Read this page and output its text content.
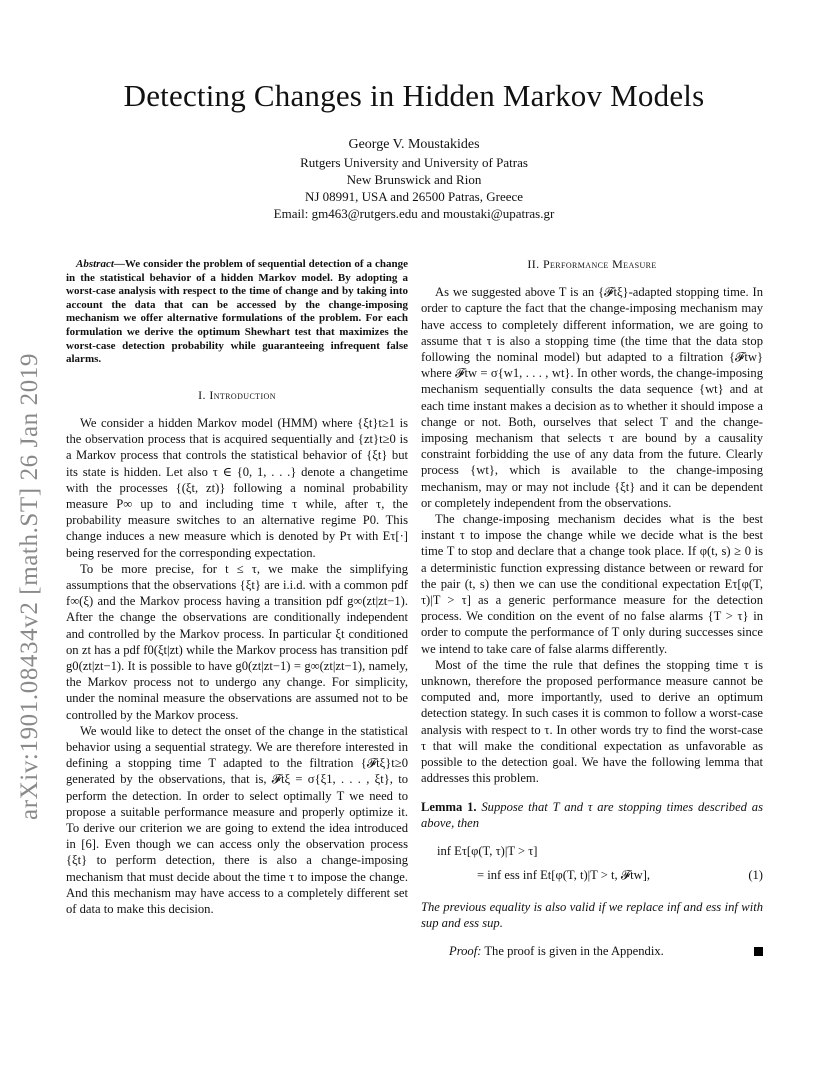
Detecting Changes in Hidden Markov Models
George V. Moustakides
Rutgers University and University of Patras
New Brunswick and Rion
NJ 08991, USA and 26500 Patras, Greece
Email: gm463@rutgers.edu and moustaki@upatras.gr
arXiv:1901.08434v2 [math.ST] 26 Jan 2019

Abstract—We consider the problem of sequential detection of a change in the statistical behavior of a hidden Markov model. By adopting a worst-case analysis with respect to the time of change and by taking into account the data that can be accessed by the change-imposing mechanism we offer alternative formulations of the problem. For each formulation we derive the optimum Shewhart test that maximizes the worst-case detection probability while guaranteeing infrequent false alarms.

I. Introduction

We consider a hidden Markov model (HMM) where {ξt}t≥1 is the observation process that is acquired sequentially and {zt}t≥0 is a Markov process that controls the statistical behavior of {ξt} but its state is hidden. Let also τ ∈ {0, 1, . . .} denote a changetime with the processes {(ξt, zt)} following a nominal probability measure P∞ up to and including time τ while, after τ, the probability measure switches to an alternative regime P0. This change induces a new measure which is denoted by Pτ with Eτ[·] being reserved for the corresponding expectation.

To be more precise, for t ≤ τ, we make the simplifying assumptions that the observations {ξt} are i.i.d. with a common pdf f∞(ξ) and the Markov process having a transition pdf g∞(zt|zt−1). After the change the observations are conditionally independent and controlled by the Markov process. In particular ξt conditioned on zt has a pdf f0(ξt|zt) while the Markov process has transition pdf g0(zt|zt−1). It is possible to have g0(zt|zt−1) = g∞(zt|zt−1), namely, the Markov process not to undergo any change. For simplicity, under the nominal measure the observations are assumed not to be controlled by the Markov process.

We would like to detect the onset of the change in the statistical behavior using a sequential strategy. We are therefore interested in defining a stopping time T adapted to the filtration {𝓕tξ}t≥0 generated by the observations, that is, 𝓕tξ = σ{ξ1, . . . , ξt}, to perform the detection. In order to select optimally T we need to propose a suitable performance measure and properly optimize it. To derive our criterion we are going to extend the idea introduced in [6]. Even though we can access only the observation process {ξt} to perform detection, there is also a change-imposing mechanism that must decide about the time τ to impose the change. And this mechanism may have access to a completely different set of data to make this decision.

II. Performance Measure

As we suggested above T is an {𝓕tξ}-adapted stopping time. In order to capture the fact that the change-imposing mechanism may have access to completely different information, we are going to assume that τ is also a stopping time (the time that the data stop following the nominal model) but adapted to a filtration {𝓕tw} where 𝓕tw = σ{w1, . . . , wt}. In other words, the change-imposing mechanism sequentially consults the data sequence {wt} and at each time instant makes a decision as to whether it should impose a change or not. Both, ourselves that select T and the change-imposing mechanism that selects τ are bound by a causality constraint forbidding the use of any data from the future. Clearly process {wt}, which is available to the change-imposing mechanism, may or may not include {ξt} and it can be dependent or completely independent from the observations.

The change-imposing mechanism decides what is the best instant τ to impose the change while we decide what is the best time T to stop and declare that a change took place. If φ(t, s) ≥ 0 is a deterministic function expressing distance between or reward for the pair (t, s) then we can use the conditional expectation Eτ[φ(T, τ)|T > τ] as a generic performance measure for the detection process. We condition on the event of no false alarms {T > τ} in order to compute the performance of T only during successes since we intend to take care of false alarms differently.

Most of the time the rule that defines the stopping time τ is unknown, therefore the proposed performance measure cannot be computed and, more importantly, used to derive an optimum detection stategy. In such cases it is common to follow a worst-case analysis with respect to τ. In other words try to find the worst-case τ that will make the conditional expectation as unfavorable as possible to the detection goal. We have the following lemma that addresses this problem.

Lemma 1. Suppose that T and τ are stopping times described as above, then

inf Eτ[φ(T, τ)|T > τ]
= inf ess inf Et[φ(T, t)|T > t, 𝓕tw],	(1)

The previous equality is also valid if we replace inf and ess inf with sup and ess sup.

Proof: The proof is given in the Appendix.
